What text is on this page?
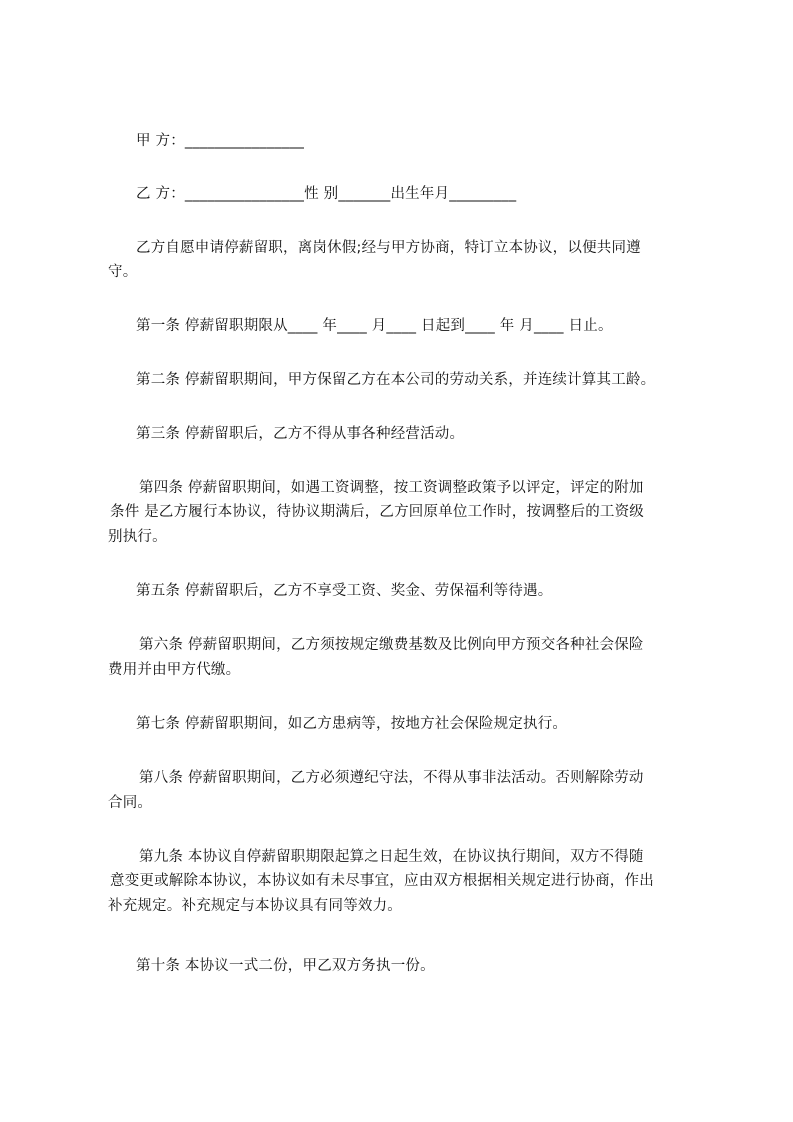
甲 方：________________
乙 方：________________性 别_______出生年月_________
乙方自愿申请停薪留职，离岗休假;经与甲方协商，特订立本协议，以便共同遵
守。
第一条 停薪留职期限从____ 年____ 月____ 日起到____ 年 月____ 日止。
第二条 停薪留职期间，甲方保留乙方在本公司的劳动关系，并连续计算其工龄。
第三条 停薪留职后，乙方不得从事各种经营活动。
第四条 停薪留职期间，如遇工资调整，按工资调整政策予以评定，评定的附加
条件 是乙方履行本协议，待协议期满后，乙方回原单位工作时，按调整后的工资级
别执行。
第五条 停薪留职后，乙方不享受工资、奖金、劳保福利等待遇。
第六条 停薪留职期间，乙方须按规定缴费基数及比例向甲方预交各种社会保险
费用并由甲方代缴。
第七条 停薪留职期间，如乙方患病等，按地方社会保险规定执行。
第八条 停薪留职期间，乙方必须遵纪守法，不得从事非法活动。否则解除劳动
合同。
第九条 本协议自停薪留职期限起算之日起生效，在协议执行期间，双方不得随
意变更或解除本协议，本协议如有未尽事宜，应由双方根据相关规定进行协商，作出
补充规定。补充规定与本协议具有同等效力。
第十条 本协议一式二份，甲乙双方务执一份。
